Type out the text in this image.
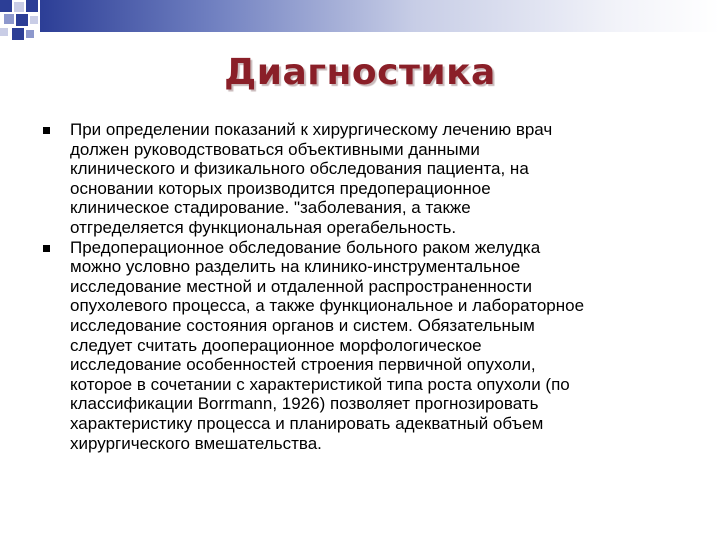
Диагностика
При определении показаний к хирургическому лечению врач
должен руководствоваться объективными данными
клинического и физикального обследования пациента, на
основании которых производится предоперационное
клиническое стадирование. "заболевания, а также
отгределяется функциональная operaбельность.
Предоперационное обследование больного раком желудка
можно условно разделить на клинико-инструментальное
исследование местной и отдаленной распространенности
опухолевого процесса, а также функциональное и лабораторное
исследование состояния органов и систем. Обязательным
следует считать дооперационное морфологическое
исследование особенностей строения первичной опухоли,
которое в сочетании с характеристикой типа роста опухоли (по
классификации Borrmann, 1926) позволяет прогнозировать
характеристику процесса и планировать адекватный объем
хирургического вмешательства.
